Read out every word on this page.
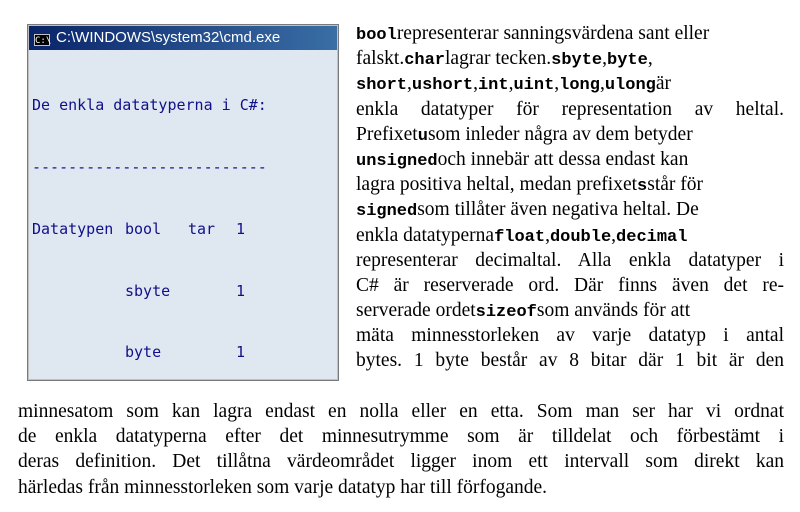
C:\ C:\WINDOWS\system32\cmd.exe

De enkla datatyperna i C#:

--------------------------

Datatypen bool tar 1

sbyte	1

byte	1

boolrepresenterar sanningsvärdena sant eller
falskt.charlagrar tecken.sbyte,byte,
short,ushort,int,uint,long,ulongär
enkla datatyper för representation av heltal.
Prefixetusom inleder några av dem betyder
unsignedoch innebär att dessa endast kan
lagra positiva heltal, medan prefixetsstår för
signedsom tillåter även negativa heltal. De
enkla datatypernafloat,double,decimal
representerar decimaltal. Alla enkla datatyper i
C# är reserverade ord. Där finns även det re-
serverade ordetsizeofsom används för att
mäta minnesstorleken av varje datatyp i antal
bytes. 1 byte består av 8 bitar där 1 bit är den
minnesatom som kan lagra endast en nolla eller en etta. Som man ser har vi ordnat
de enkla datatyperna efter det minnesutrymme som är tilldelat och förbestämt i
deras definition. Det tillåtna värdeområdet ligger inom ett intervall som direkt kan
härledas från minnesstorleken som varje datatyp har till förfogande.
